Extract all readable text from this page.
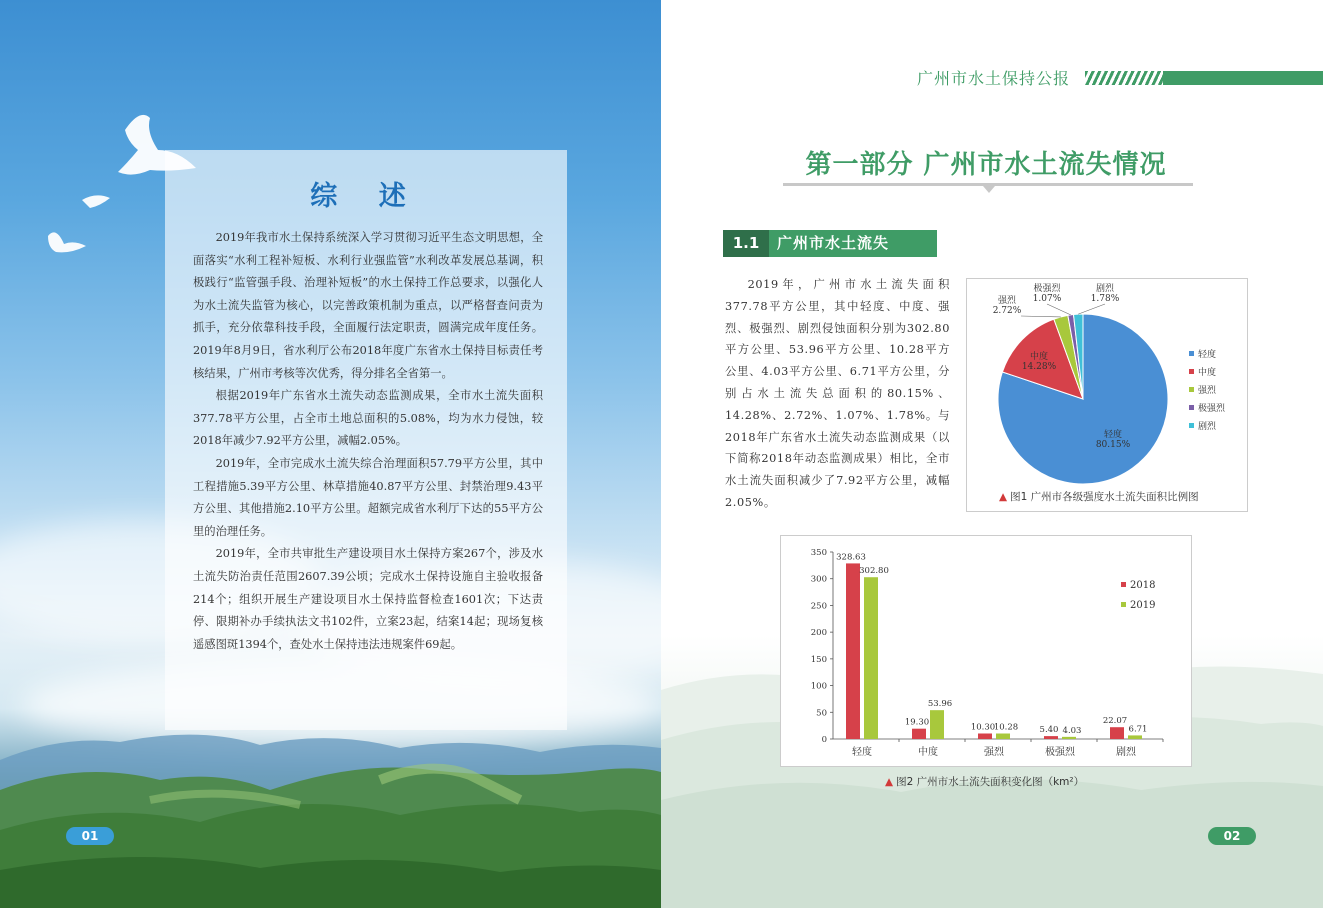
综 述

2019年我市水土保持系统深入学习贯彻习近平生态文明思想，全面落实“水利工程补短板、水利行业强监管”水利改革发展总基调，积极践行“监管强手段、治理补短板”的水土保持工作总要求，以强化人为水土流失监管为核心，以完善政策机制为重点，以严格督查问责为抓手，充分依靠科技手段，全面履行法定职责，圆满完成年度任务。2019年8月9日，省水利厅公布2018年度广东省水土保持目标责任考核结果，广州市考核等次优秀，得分排名全省第一。

根据2019年广东省水土流失动态监测成果，全市水土流失面积377.78平方公里，占全市土地总面积的5.08%，均为水力侵蚀，较2018年减少7.92平方公里，减幅2.05%。

2019年，全市完成水土流失综合治理面积57.79平方公里，其中工程措施5.39平方公里、林草措施40.87平方公里、封禁治理9.43平方公里、其他措施2.10平方公里。超额完成省水利厅下达的55平方公里的治理任务。

2019年，全市共审批生产建设项目水土保持方案267个，涉及水土流失防治责任范围2607.39公顷；完成水土保持设施自主验收报备214个；组织开展生产建设项目水土保持监督检查1601次；下达责停、限期补办手续执法文书102件，立案23起，结案14起；现场复核遥感图斑1394个，查处水土保持违法违规案件69起。

01
广州市水土保持公报
第一部分 广州市水土流失情况
1.1	广州市水土流失

2019年，广州市水土流失面积377.78平方公里，其中轻度、中度、强烈、极强烈、剧烈侵蚀面积分别为302.80平方公里、53.96平方公里、10.28平方公里、4.03平方公里、6.71平方公里，分别占水土流失总面积的80.15%、14.28%、2.72%、1.07%、1.78%。与2018年广东省水土流失动态监测成果（以下简称2018年动态监测成果）相比，全市水土流失面积减少了7.92平方公里，减幅2.05%。

轻度
80.15%
中度
14.28%
强烈
2.72%
极强烈
1.07%
剧烈
1.78%
轻度
中度
强烈
极强烈
剧烈
▲ 图1 广州市各级强度水土流失面积比例图
0
50
100
150
200
250
300
350 328.63
302.80
轻度
19.30
53.96
中度
10.30
10.28
强烈
5.40 4.03
极强烈
22.07
6.71
剧烈
2018
2019
▲ 图2 广州市水土流失面积变化图（km²）
02
